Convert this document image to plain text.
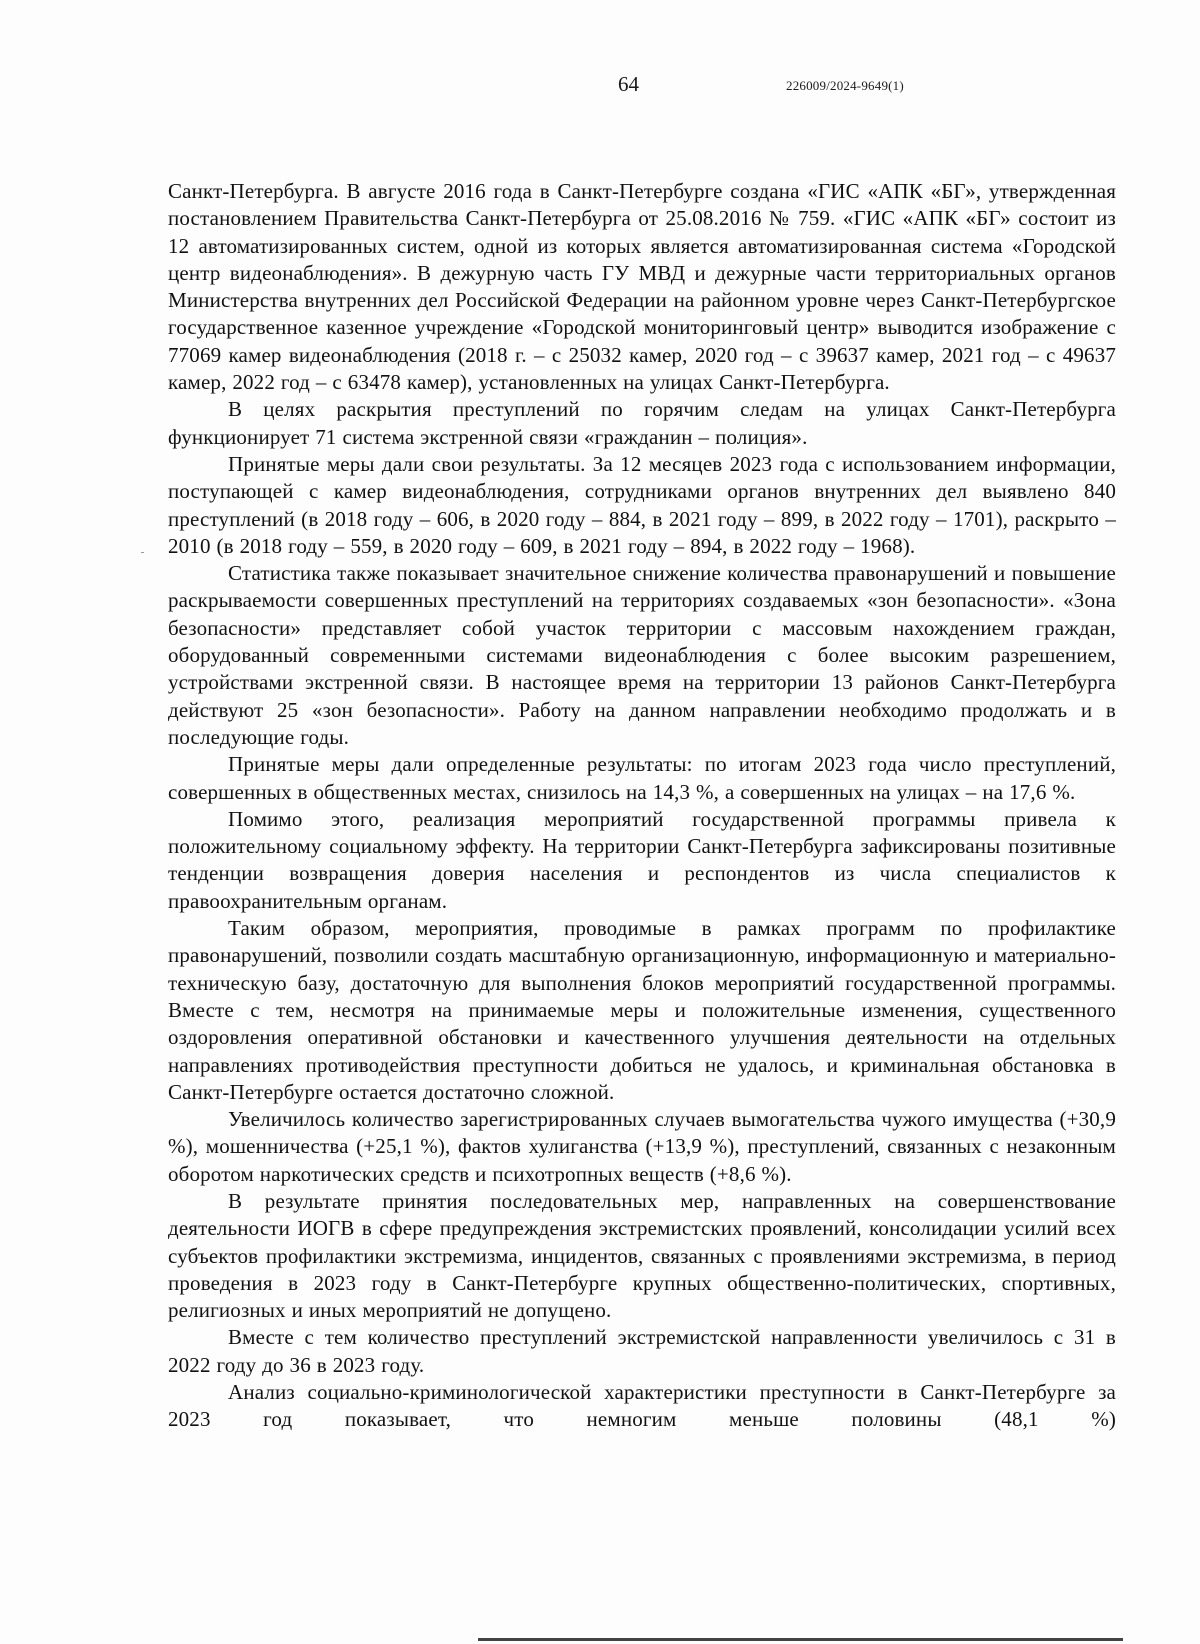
64	226009/2024-9649(1)

Санкт-Петербурга. В августе 2016 года в Санкт-Петербурге создана «ГИС «АПК «БГ», утвержденная постановлением Правительства Санкт-Петербурга от 25.08.2016 № 759. «ГИС «АПК «БГ» состоит из 12 автоматизированных систем, одной из которых является автоматизированная система «Городской центр видеонаблюдения». В дежурную часть ГУ МВД и дежурные части территориальных органов Министерства внутренних дел Российской Федерации на районном уровне через Санкт-Петербургское государственное казенное учреждение «Городской мониторинговый центр» выводится изображение с 77069 камер видеонаблюдения (2018 г. – с 25032 камер, 2020 год – с 39637 камер, 2021 год – с 49637 камер, 2022 год – с 63478 камер), установленных на улицах Санкт-Петербурга.

В целях раскрытия преступлений по горячим следам на улицах Санкт-Петербурга функционирует 71 система экстренной связи «гражданин – полиция».

Принятые меры дали свои результаты. За 12 месяцев 2023 года с использованием информации, поступающей с камер видеонаблюдения, сотрудниками органов внутренних дел выявлено 840 преступлений (в 2018 году – 606, в 2020 году – 884, в 2021 году – 899, в 2022 году – 1701), раскрыто – 2010 (в 2018 году – 559, в 2020 году – 609, в 2021 году – 894, в 2022 году – 1968).

Статистика также показывает значительное снижение количества правонарушений и повышение раскрываемости совершенных преступлений на территориях создаваемых «зон безопасности». «Зона безопасности» представляет собой участок территории с массовым нахождением граждан, оборудованный современными системами видеонаблюдения с более высоким разрешением, устройствами экстренной связи. В настоящее время на территории 13 районов Санкт-Петербурга действуют 25 «зон безопасности». Работу на данном направлении необходимо продолжать и в последующие годы.

Принятые меры дали определенные результаты: по итогам 2023 года число преступлений, совершенных в общественных местах, снизилось на 14,3 %, а совершенных на улицах – на 17,6 %.

Помимо этого, реализация мероприятий государственной программы привела к положительному социальному эффекту. На территории Санкт-Петербурга зафиксированы позитивные тенденции возвращения доверия населения и респондентов из числа специалистов к правоохранительным органам.

Таким образом, мероприятия, проводимые в рамках программ по профилактике правонарушений, позволили создать масштабную организационную, информационную и материально-техническую базу, достаточную для выполнения блоков мероприятий государственной программы. Вместе с тем, несмотря на принимаемые меры и положительные изменения, существенного оздоровления оперативной обстановки и качественного улучшения деятельности на отдельных направлениях противодействия преступности добиться не удалось, и криминальная обстановка в Санкт-Петербурге остается достаточно сложной.

Увеличилось количество зарегистрированных случаев вымогательства чужого имущества (+30,9 %), мошенничества (+25,1 %), фактов хулиганства (+13,9 %), преступлений, связанных с незаконным оборотом наркотических средств и психотропных веществ (+8,6 %).

В результате принятия последовательных мер, направленных на совершенствование деятельности ИОГВ в сфере предупреждения экстремистских проявлений, консолидации усилий всех субъектов профилактики экстремизма, инцидентов, связанных с проявлениями экстремизма, в период проведения в 2023 году в Санкт-Петербурге крупных общественно-политических, спортивных, религиозных и иных мероприятий не допущено.

Вместе с тем количество преступлений экстремистской направленности увеличилось с 31 в 2022 году до 36 в 2023 году.

Анализ социально-криминологической характеристики преступности в Санкт-Петербурге за 2023 год показывает, что немногим меньше половины (48,1 %)
